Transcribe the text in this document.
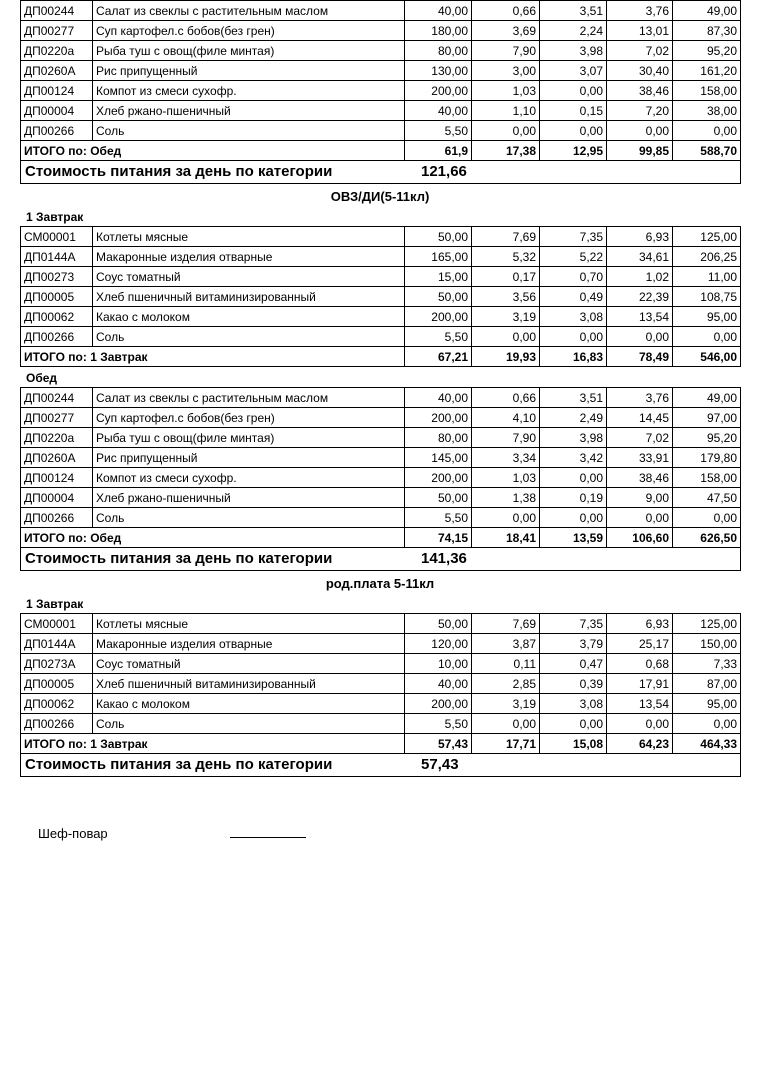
ДП00244	Салат из свеклы с растительным маслом	40,00	0,66	3,51	3,76	49,00
ДП00277	Суп картофел.с бобов(без грен)	180,00	3,69	2,24	13,01	87,30
ДП0220а	Рыба туш с овощ(филе минтая)	80,00	7,90	3,98	7,02	95,20
ДП0260А	Рис припущенный	130,00	3,00	3,07	30,40	161,20
ДП00124	Компот из смеси сухофр.	200,00	1,03	0,00	38,46	158,00
ДП00004	Хлеб ржано-пшеничный	40,00	1,10	0,15	7,20	38,00
ДП00266	Соль	5,50	0,00	0,00	0,00	0,00
ИТОГО по: Обед		61,9	17,38	12,95	99,85	588,70
Стоимость питания за день по категории 121,66						
ОВЗ/ДИ(5-11кл)
1 Завтрак
СМ00001	Котлеты мясные	50,00	7,69	7,35	6,93	125,00
ДП0144А	Макаронные изделия отварные	165,00	5,32	5,22	34,61	206,25
ДП00273	Соус томатный	15,00	0,17	0,70	1,02	11,00
ДП00005	Хлеб пшеничный витаминизированный	50,00	3,56	0,49	22,39	108,75
ДП00062	Какао с молоком	200,00	3,19	3,08	13,54	95,00
ДП00266	Соль	5,50	0,00	0,00	0,00	0,00
ИТОГО по: 1 Завтрак		67,21	19,93	16,83	78,49	546,00
Обед
ДП00244	Салат из свеклы с растительным маслом	40,00	0,66	3,51	3,76	49,00
ДП00277	Суп картофел.с бобов(без грен)	200,00	4,10	2,49	14,45	97,00
ДП0220а	Рыба туш с овощ(филе минтая)	80,00	7,90	3,98	7,02	95,20
ДП0260А	Рис припущенный	145,00	3,34	3,42	33,91	179,80
ДП00124	Компот из смеси сухофр.	200,00	1,03	0,00	38,46	158,00
ДП00004	Хлеб ржано-пшеничный	50,00	1,38	0,19	9,00	47,50
ДП00266	Соль	5,50	0,00	0,00	0,00	0,00
ИТОГО по: Обед		74,15	18,41	13,59	106,60	626,50
Стоимость питания за день по категории 141,36						
род.плата 5-11кл
1 Завтрак
СМ00001	Котлеты мясные	50,00	7,69	7,35	6,93	125,00
ДП0144А	Макаронные изделия отварные	120,00	3,87	3,79	25,17	150,00
ДП0273А	Соус томатный	10,00	0,11	0,47	0,68	7,33
ДП00005	Хлеб пшеничный витаминизированный	40,00	2,85	0,39	17,91	87,00
ДП00062	Какао с молоком	200,00	3,19	3,08	13,54	95,00
ДП00266	Соль	5,50	0,00	0,00	0,00	0,00
ИТОГО по: 1 Завтрак		57,43	17,71	15,08	64,23	464,33
Стоимость питания за день по категории 57,43						
Шеф-повар
